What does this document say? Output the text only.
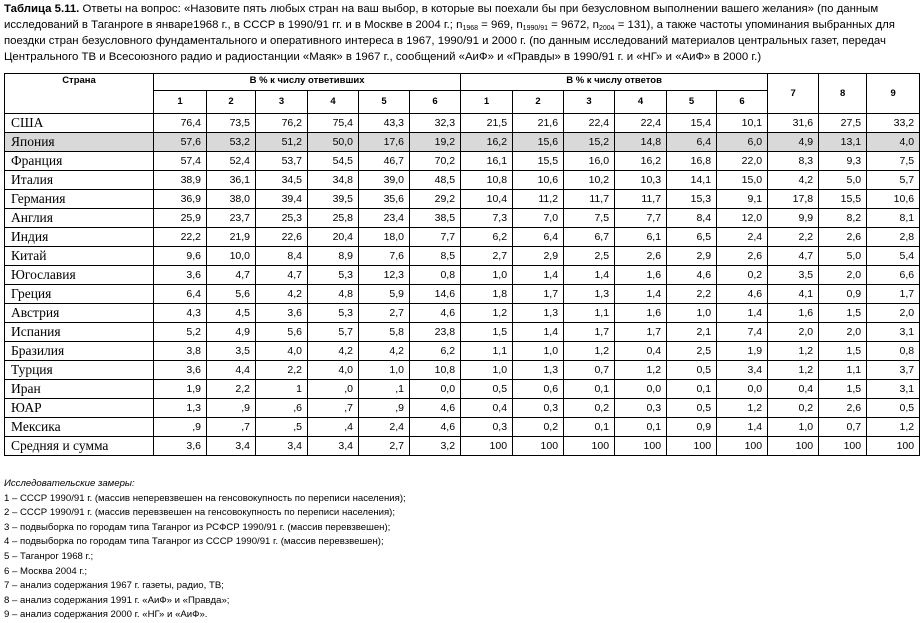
Таблица 5.11. Ответы на вопрос: «Назовите пять любых стран на ваш выбор, в которые вы поехали бы при безусловном выполнении вашего желания» (по данным исследований в Таганроге в январе1968 г., в СССР в 1990/91 гг. и в Москве в 2004 г.; $n_{1968} = 969$, $n_{1990/91} = 9672$, $n_{2004} = 131$), а также частоты упоминания выбранных для поездки стран безусловного фундаментального и оперативного интереса в 1967, 1990/91 и 2000 г. (по данным исследований материалов центральных газет, передач Центрального ТВ и Всесоюзного радио и радиостанции «Маяк» в 1967 г., сообщений «АиФ» и «Правды» в 1990/91 г. и «НГ» и «АиФ» в 2000 г.)
Страна	В % к числу ответивших						В % к числу ответов						7	8	9
	1	2	3	4	5	6	1	2	3	4	5	6			
США	76,4	73,5	76,2	75,4	43,3	32,3	21,5	21,6	22,4	22,4	15,4	10,1	31,6	27,5	33,2
Япония	57,6	53,2	51,2	50,0	17,6	19,2	16,2	15,6	15,2	14,8	6,4	6,0	4,9	13,1	4,0
Франция	57,4	52,4	53,7	54,5	46,7	70,2	16,1	15,5	16,0	16,2	16,8	22,0	8,3	9,3	7,5
Италия	38,9	36,1	34,5	34,8	39,0	48,5	10,8	10,6	10,2	10,3	14,1	15,0	4,2	5,0	5,7
Германия	36,9	38,0	39,4	39,5	35,6	29,2	10,4	11,2	11,7	11,7	15,3	9,1	17,8	15,5	10,6
Англия	25,9	23,7	25,3	25,8	23,4	38,5	7,3	7,0	7,5	7,7	8,4	12,0	9,9	8,2	8,1
Индия	22,2	21,9	22,6	20,4	18,0	7,7	6,2	6,4	6,7	6,1	6,5	2,4	2,2	2,6	2,8
Китай	9,6	10,0	8,4	8,9	7,6	8,5	2,7	2,9	2,5	2,6	2,9	2,6	4,7	5,0	5,4
Югославия	3,6	4,7	4,7	5,3	12,3	0,8	1,0	1,4	1,4	1,6	4,6	0,2	3,5	2,0	6,6
Греция	6,4	5,6	4,2	4,8	5,9	14,6	1,8	1,7	1,3	1,4	2,2	4,6	4,1	0,9	1,7
Австрия	4,3	4,5	3,6	5,3	2,7	4,6	1,2	1,3	1,1	1,6	1,0	1,4	1,6	1,5	2,0
Испания	5,2	4,9	5,6	5,7	5,8	23,8	1,5	1,4	1,7	1,7	2,1	7,4	2,0	2,0	3,1
Бразилия	3,8	3,5	4,0	4,2	4,2	6,2	1,1	1,0	1,2	0,4	2,5	1,9	1,2	1,5	0,8
Турция	3,6	4,4	2,2	4,0	1,0	10,8	1,0	1,3	0,7	1,2	0,5	3,4	1,2	1,1	3,7
Иран	1,9	2,2	1	,0	,1	0,0	0,5	0,6	0,1	0,0	0,1	0,0	0,4	1,5	3,1
ЮАР	1,3	,9	,6	,7	,9	4,6	0,4	0,3	0,2	0,3	0,5	1,2	0,2	2,6	0,5
Мексика	,9	,7	,5	,4	2,4	4,6	0,3	0,2	0,1	0,1	0,9	1,4	1,0	0,7	1,2
Средняя и сумма	3,6	3,4	3,4	3,4	2,7	3,2	100	100	100	100	100	100	100	100	100
Исследовательские замеры:
1 – СССР 1990/91 г. (массив неперевзвешен на генсовокупность по переписи населения);
2 – СССР 1990/91 г. (массив перевзвешен на генсовокупность по переписи населения);
3 – подвыборка по городам типа Таганрог из РСФСР 1990/91 г. (массив перевзвешен);
4 – подвыборка по городам типа Таганрог из СССР 1990/91 г. (массив перевзвешен);
5 – Таганрог 1968 г.;
6 – Москва 2004 г.;
7 – анализ содержания 1967 г. газеты, радио, ТВ;
8 – анализ содержания 1991 г. «АиФ» и «Правда»;
9 – анализ содержания 2000 г. «НГ» и «АиФ».
